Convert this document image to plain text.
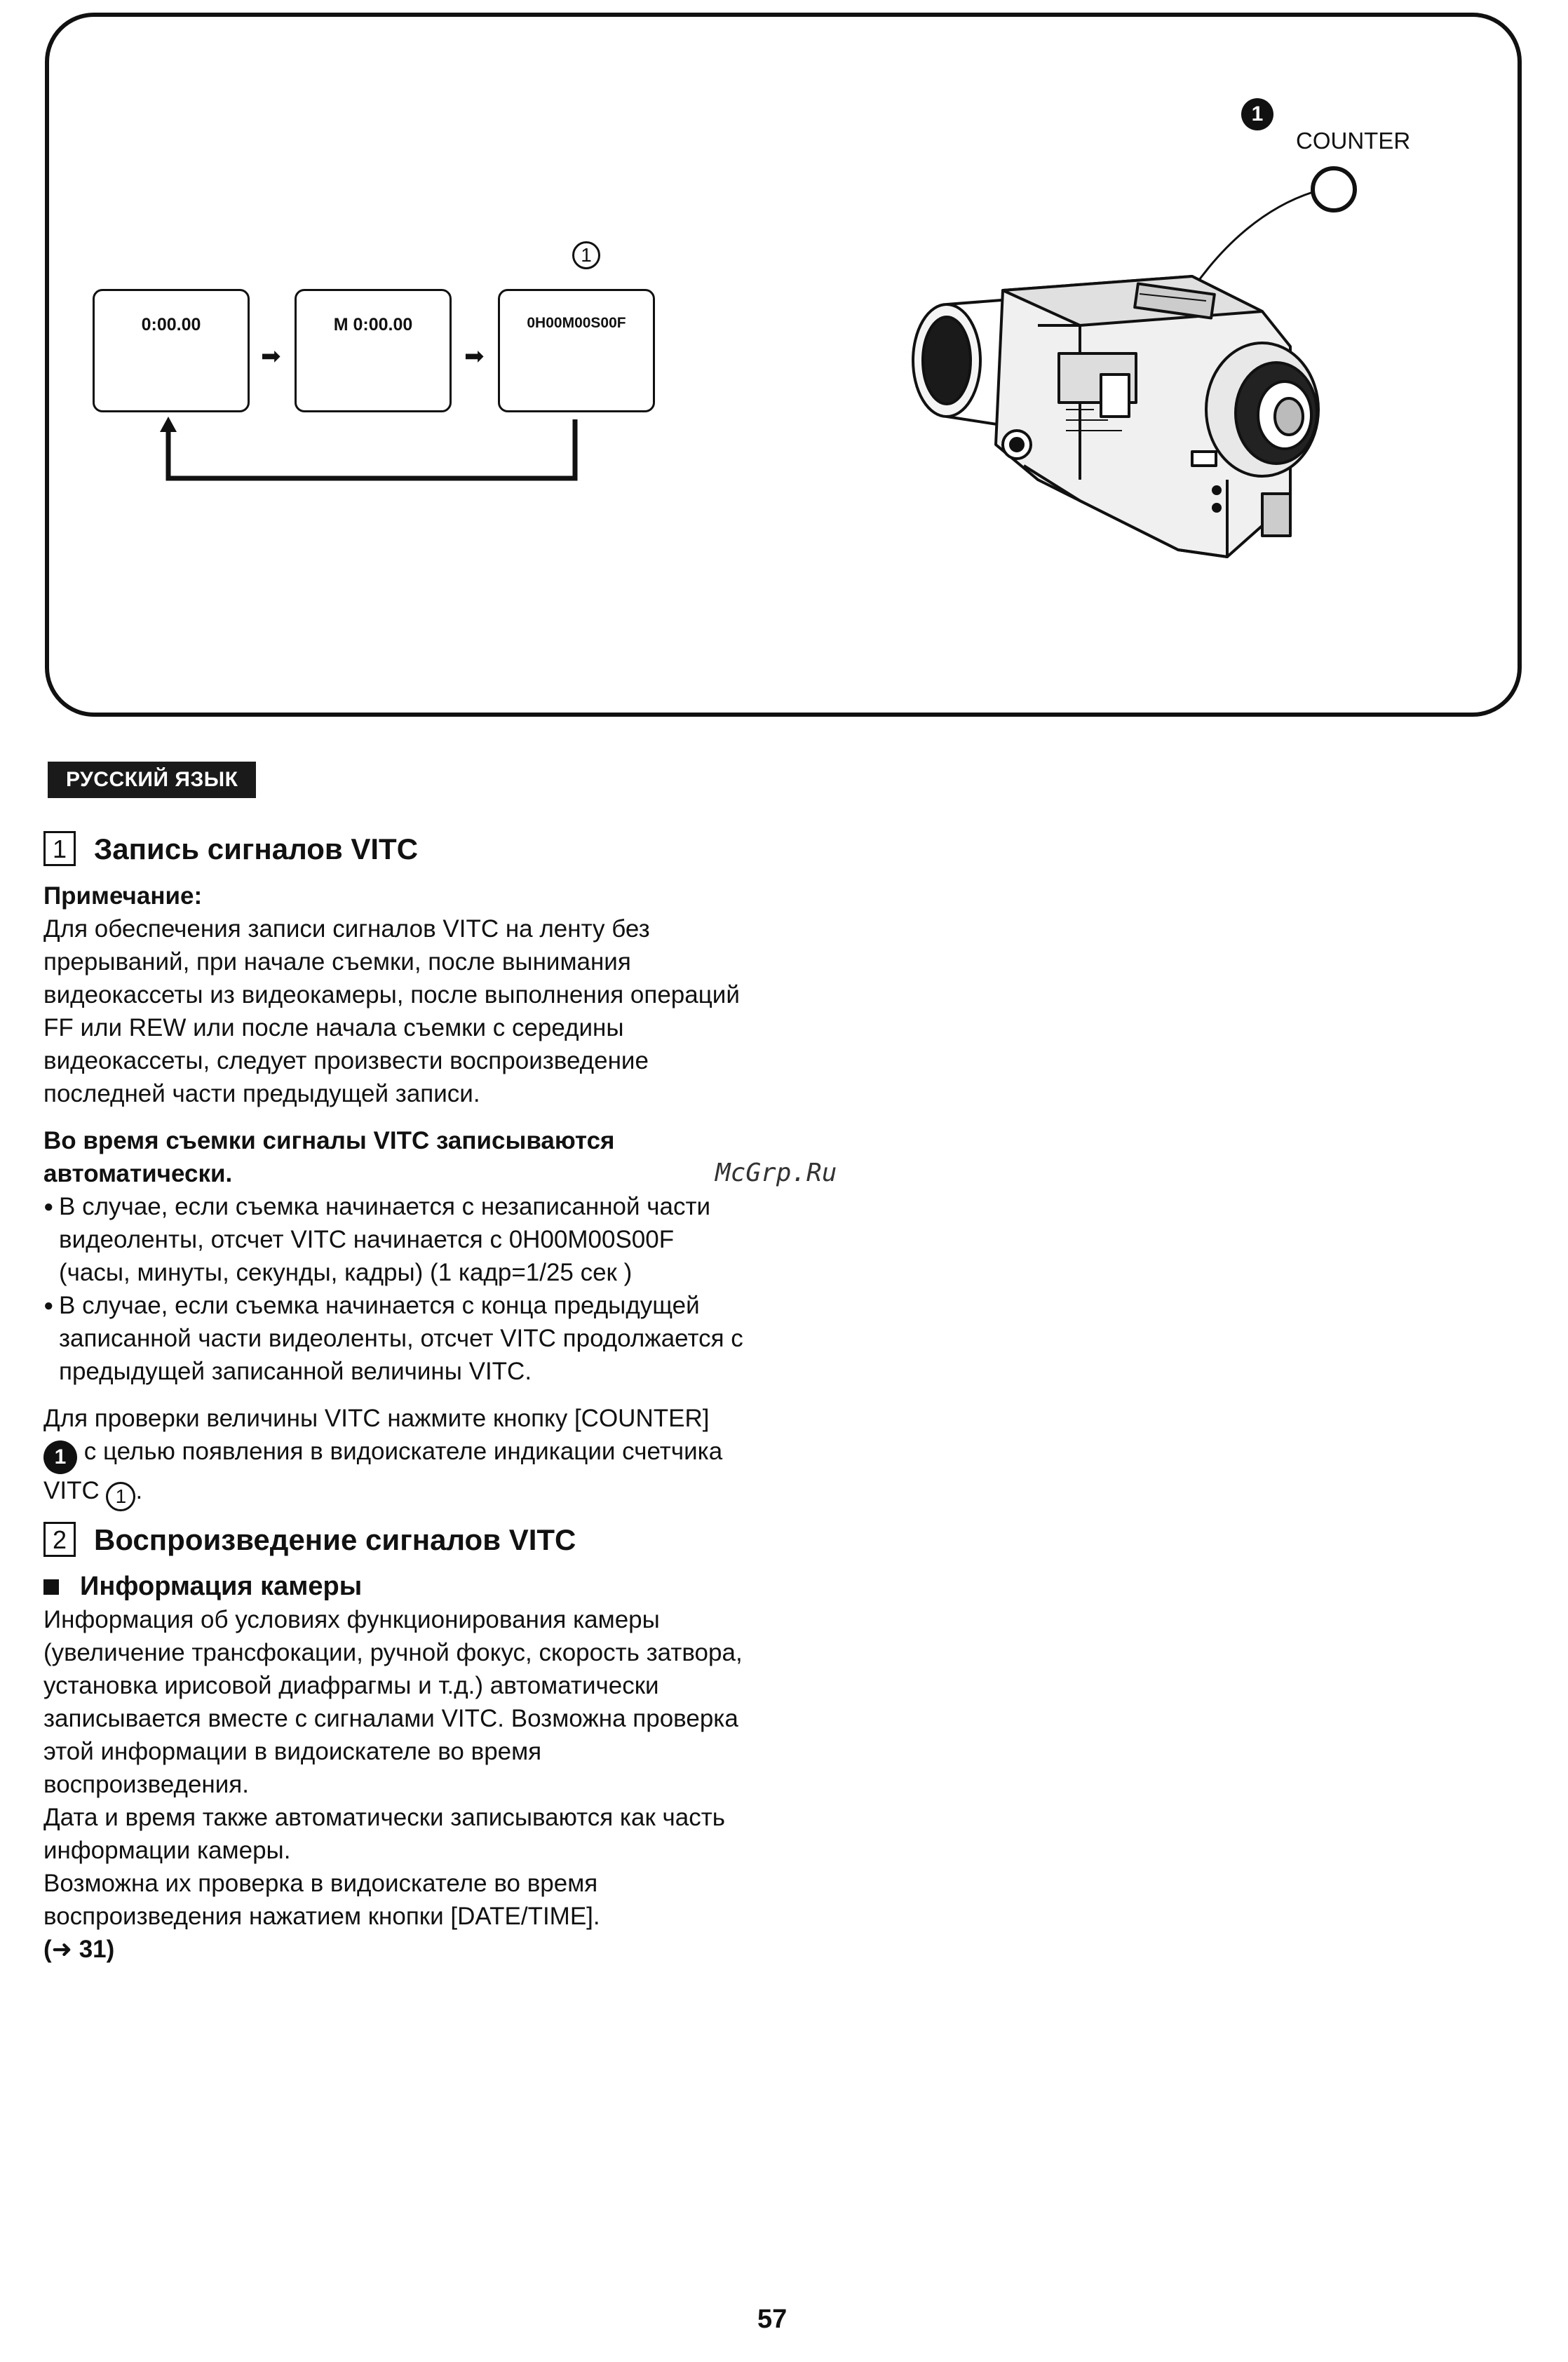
1
0:00.00
➡
M 0:00.00
➡
0H00M00S00F
1
COUNTER
РУССКИЙ ЯЗЫК
1 Запись сигналов VITC

Примечание:

Для обеспечения записи сигналов VITC на ленту без прерываний, при начале съемки, после вынимания видеокассеты из видеокамеры, после выполнения операций FF или REW или после начала съемки с середины видеокассеты, следует произвести воспроизведение последней части предыдущей записи.

Во время съемки сигналы VITC записываются автоматически.

● В случае, если съемка начинается с незаписанной части видеоленты, отсчет VITC начинается с 0H00M00S00F (часы, минуты, секунды, кадры) (1 кадр=1/25 сек )

● В случае, если съемка начинается с конца предыдущей записанной части видеоленты, отсчет VITC продолжается с предыдущей записанной величины VITC.

Для проверки величины VITC нажмите кнопку [COUNTER] 1 с целью появления в видоискателе индикации счетчика VITC 1 .

2 Воспроизведение сигналов VITC
Информация камеры

Информация об условиях функционирования камеры (увеличение трансфокации, ручной фокус, скорость затвора, установка ирисовой диафрагмы и т.д.) автоматически записывается вместе с сигналами VITC. Возможна проверка этой информации в видоискателе во время воспроизведения.

Дата и время также автоматически записываются как часть информации камеры.

Возможна их проверка в видоискателе во время воспроизведения нажатием кнопки [DATE/TIME].

(➜ 31)

McGrp.Ru
57
